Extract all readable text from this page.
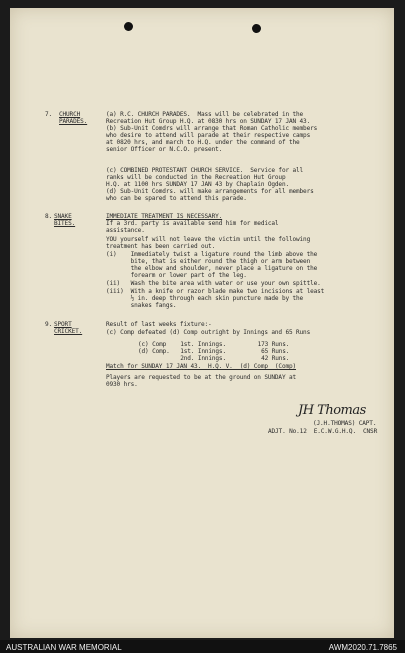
7. CHURCH
PARADES.
(a) R.C. CHURCH PARADES.  Mass will be celebrated in the
Recreation Hut Group H.Q. at 0830 hrs on SUNDAY 17 JAN 43.
(b) Sub-Unit Comdrs will arrange that Roman Catholic members
who desire to attend will parade at their respective camps
at 0820 hrs, and march to H.Q. under the command of the
senior Officer or N.C.O. present.
(c) COMBINED PROTESTANT CHURCH SERVICE.  Service for all
ranks will be conducted in the Recreation Hut Group
H.Q. at 1100 hrs SUNDAY 17 JAN 43 by Chaplain Ogden.
(d) Sub-Unit Comdrs. will make arrangements for all members
who can be spared to attend this parade.
8. SNAKE
BITES.
IMMEDIATE TREATMENT IS NECESSARY.
If a 3rd. party is available send him for medical
assistance.
YOU yourself will not leave the victim until the following
treatment has been carried out.
(i)    Immediately twist a ligature round the limb above the
bite, that is either round the thigh or arm between
the elbow and shoulder, never place a ligature on the
forearm or lower part of the leg.
(ii)   Wash the bite area with water or use your own spittle.
(iii)  With a knife or razor blade make two incisions at least
½ in. deep through each skin puncture made by the
snakes fangs.
9. SPORT
CRICKET.
Result of last weeks fixture:-
(c) Comp defeated (d) Comp outright by Innings and 65 Runs
(c) Comp    1st. Innings.         173 Runs.
(d) Comp.   1st. Innings.          65 Runs.
2nd. Innings.          42 Runs.
Match for SUNDAY 17 JAN 43.  H.Q. V.  (d) Comp  (Comp)
Players are requested to be at the ground on SUNDAY at
0930 hrs.
JH Thomas
(J.H.THOMAS) CAPT.
ADJT. No.12  E.C.W.G.H.Q.  CNSR
AUSTRALIAN WAR MEMORIAL	AWM2020.71.7865
